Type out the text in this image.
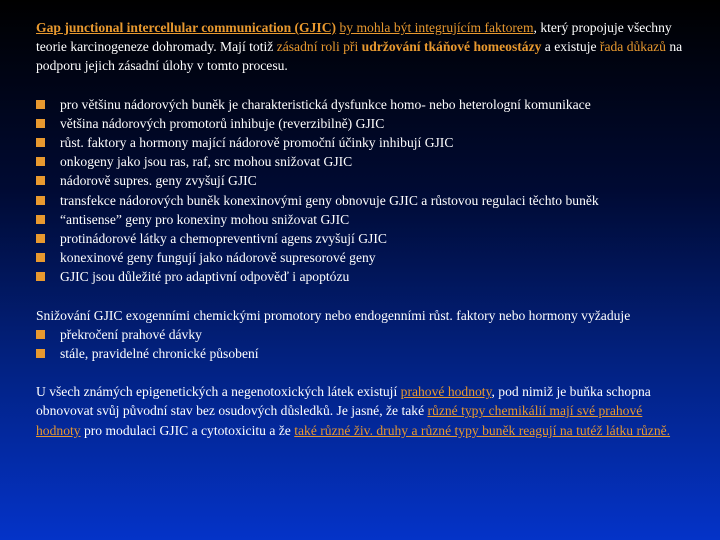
Gap junctional intercellular communication (GJIC) by mohla být integrujícím faktorem, který propojuje všechny teorie karcinogeneze dohromady. Mají totiž zásadní roli při udržování tkáňové homeostázy a existuje řada důkazů na podporu jejich zásadní úlohy v tomto procesu.

pro většinu nádorových buněk je charakteristická dysfunkce homo- nebo heterologní komunikace
většina nádorových promotorů inhibuje (reverzibilně) GJIC
růst. faktory a hormony mající nádorově promoční účinky inhibují GJIC
onkogeny jako jsou ras, raf, src mohou snižovat GJIC
nádorově supres. geny zvyšují GJIC
transfekce nádorových buněk konexinovými geny obnovuje GJIC a růstovou regulaci těchto buněk
“antisense” geny pro konexiny mohou snižovat GJIC
protinádorové látky a chemopreventivní agens zvyšují GJIC
konexinové geny fungují jako nádorově supresorové geny
GJIC jsou důležité pro adaptivní odpověď i apoptózu

Snižování GJIC exogenními chemickými promotory nebo endogenními růst. faktory nebo hormony vyžaduje

překročení prahové dávky
stále, pravidelné chronické působení

U všech známých epigenetických a negenotoxických látek existují prahové hodnoty, pod nimiž je buňka schopna obnovovat svůj původní stav bez osudových důsledků. Je jasné, že také různé typy chemikálií mají své prahové hodnoty pro modulaci GJIC a cytotoxicitu a že také různé živ. druhy a různé typy buněk reagují na tutéž látku různě.
